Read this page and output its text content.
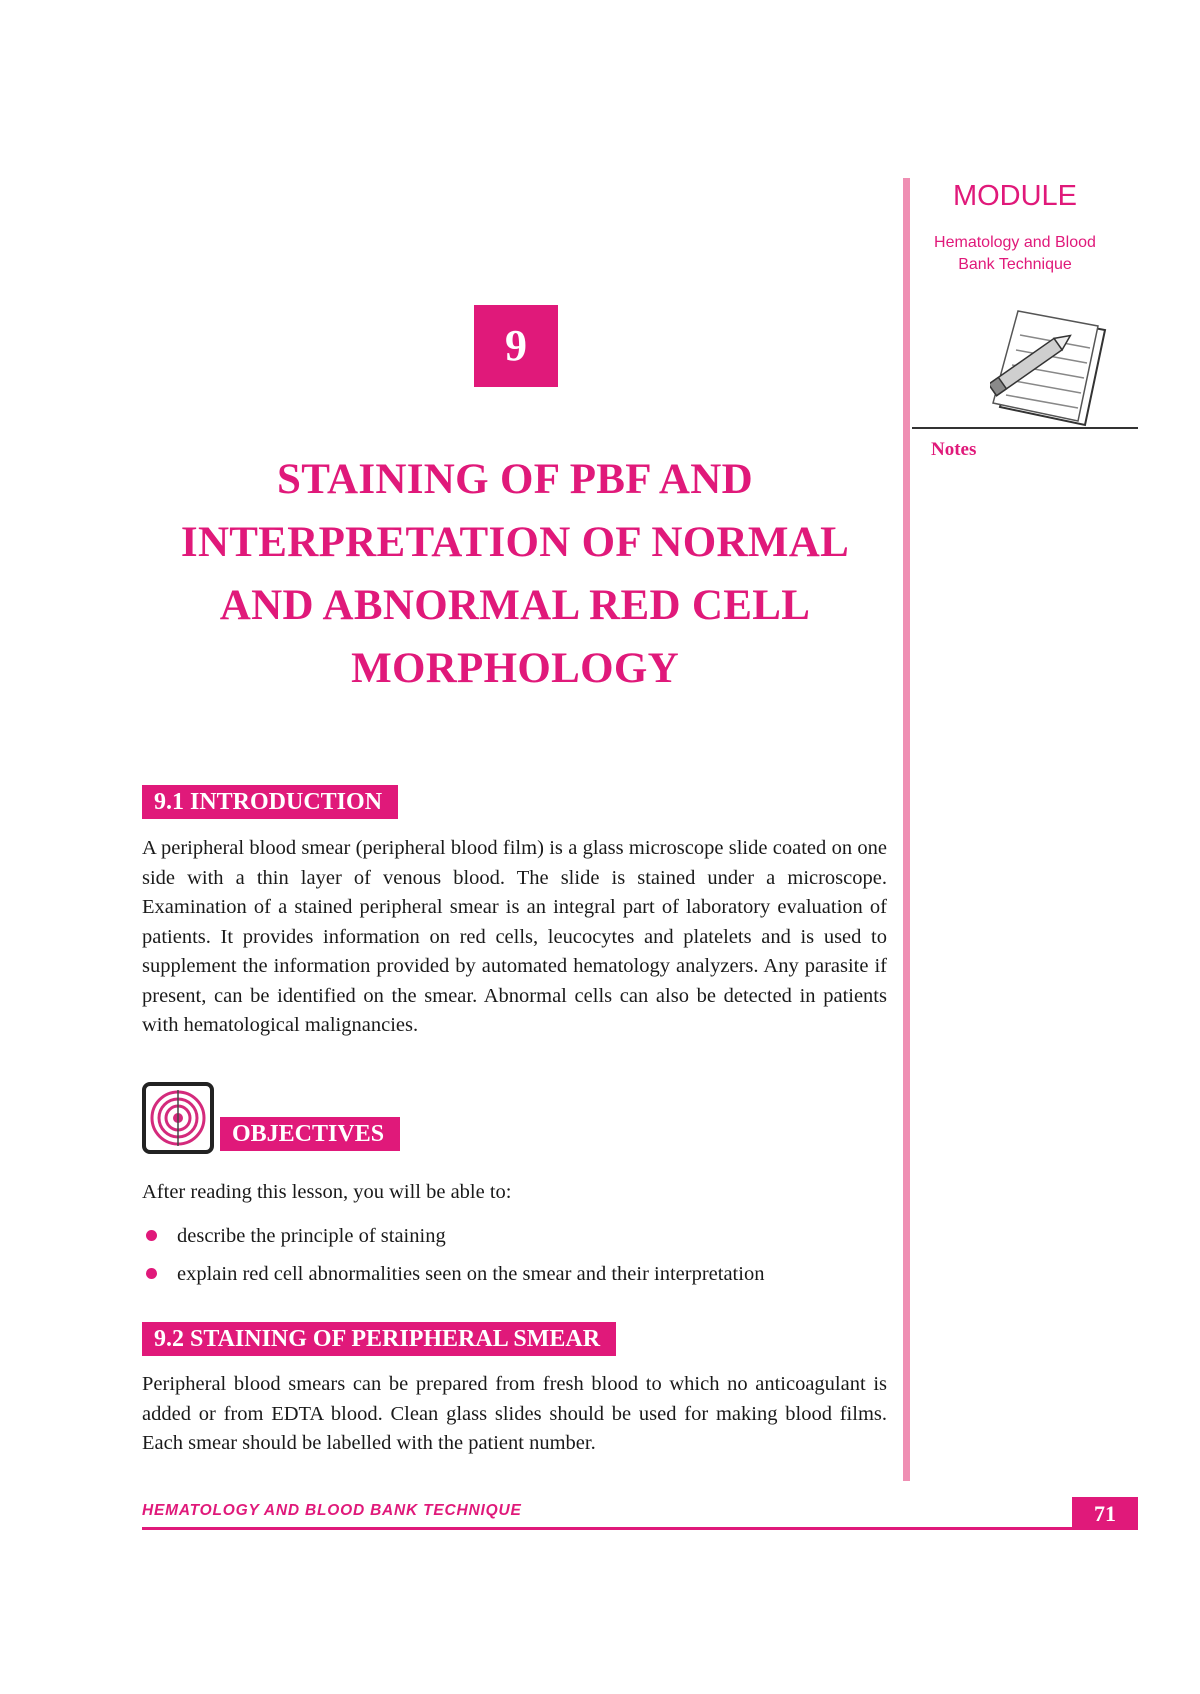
MODULE
Hematology and Blood
Bank Technique
Notes
9
STAINING OF PBF AND
INTERPRETATION OF NORMAL
AND ABNORMAL RED CELL
MORPHOLOGY
9.1 INTRODUCTION
A peripheral blood smear (peripheral blood film) is a glass microscope slide coated on one side with a thin layer of venous blood. The slide is stained under a microscope. Examination of a stained peripheral smear is an integral part of laboratory evaluation of patients. It provides information on red cells, leucocytes and platelets and is used to supplement the information provided by automated hematology analyzers. Any parasite if present, can be identified on the smear. Abnormal cells can also be detected in patients with hematological malignancies.
OBJECTIVES
After reading this lesson, you will be able to:
describe the principle of staining
explain red cell abnormalities seen on the smear and their interpretation
9.2 STAINING OF PERIPHERAL SMEAR
Peripheral blood smears can be prepared from fresh blood to which no anticoagulant is added or from EDTA blood. Clean glass slides should be used for making blood films. Each smear should be labelled with the patient number.
HEMATOLOGY AND BLOOD BANK TECHNIQUE	71
